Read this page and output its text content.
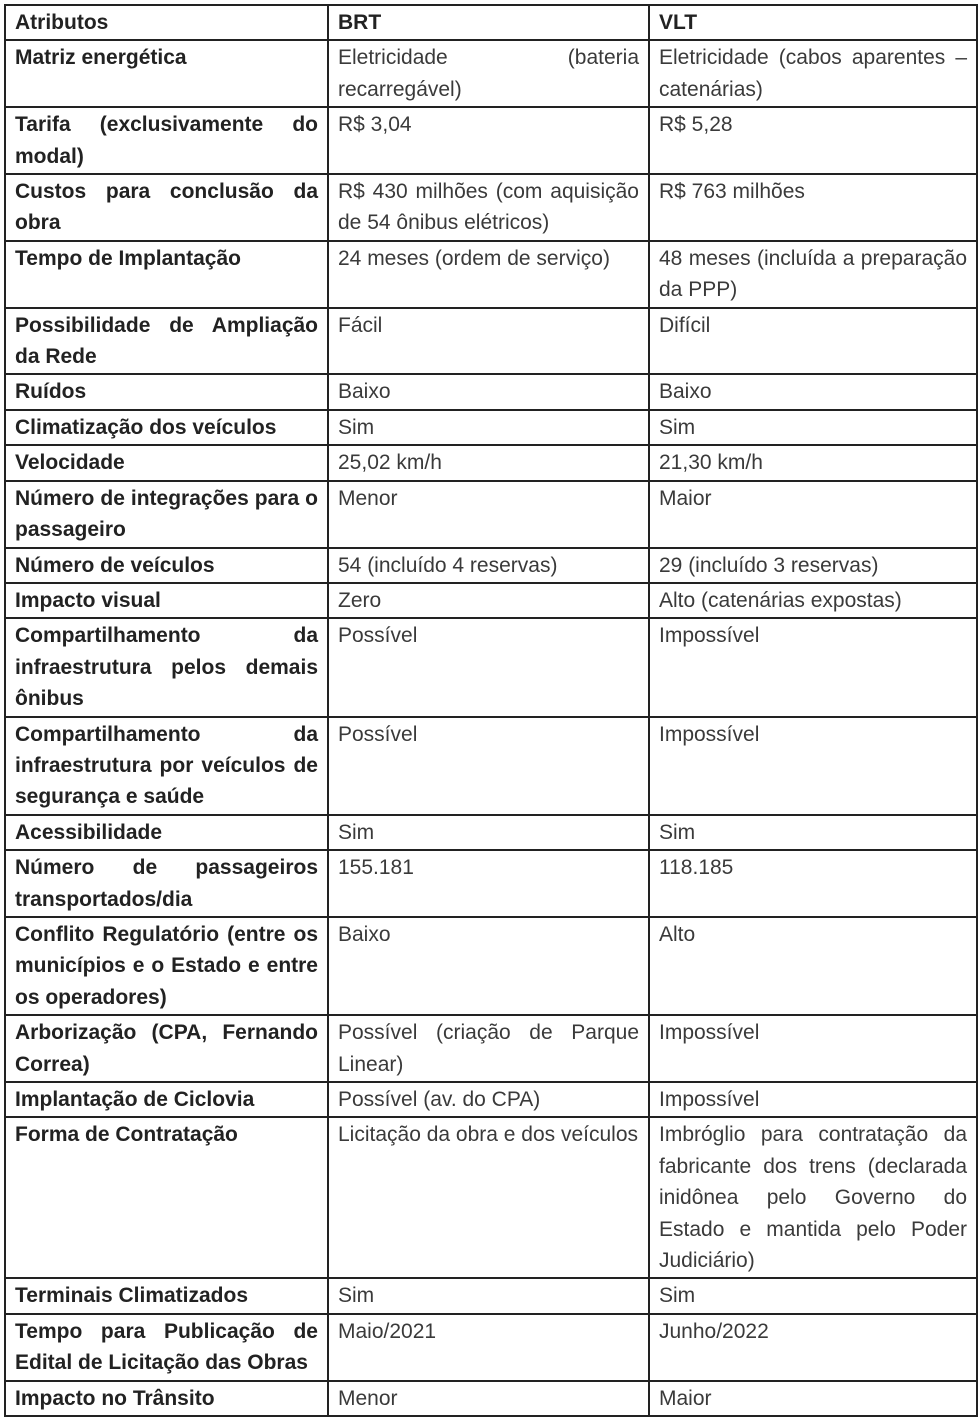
Atributos	BRT	VLT
Matriz energética	Eletricidade (bateria recarregável)	Eletricidade (cabos aparentes – catenárias)
Tarifa (exclusivamente do modal)	R$ 3,04	R$ 5,28
Custos para conclusão da obra	R$ 430 milhões (com aquisição de 54 ônibus elétricos)	R$ 763 milhões
Tempo de Implantação	24 meses (ordem de serviço)	48 meses (incluída a preparação da PPP)
Possibilidade de Ampliação da Rede	Fácil	Difícil
Ruídos	Baixo	Baixo
Climatização dos veículos	Sim	Sim
Velocidade	25,02 km/h	21,30 km/h
Número de integrações para o passageiro	Menor	Maior
Número de veículos	54 (incluído 4 reservas)	29 (incluído 3 reservas)
Impacto visual	Zero	Alto (catenárias expostas)
Compartilhamento da infraestrutura pelos demais ônibus	Possível	Impossível
Compartilhamento da infraestrutura por veículos de segurança e saúde	Possível	Impossível
Acessibilidade	Sim	Sim
Número de passageiros transportados/dia	155.181	118.185
Conflito Regulatório (entre os municípios e o Estado e entre os operadores)	Baixo	Alto
Arborização (CPA, Fernando Correa)	Possível (criação de Parque Linear)	Impossível
Implantação de Ciclovia	Possível (av. do CPA)	Impossível
Forma de Contratação	Licitação da obra e dos veículos	Imbróglio para contratação da fabricante dos trens (declarada inidônea pelo Governo do Estado e mantida pelo Poder Judiciário)
Terminais Climatizados	Sim	Sim
Tempo para Publicação de Edital de Licitação das Obras	Maio/2021	Junho/2022
Impacto no Trânsito	Menor	Maior
